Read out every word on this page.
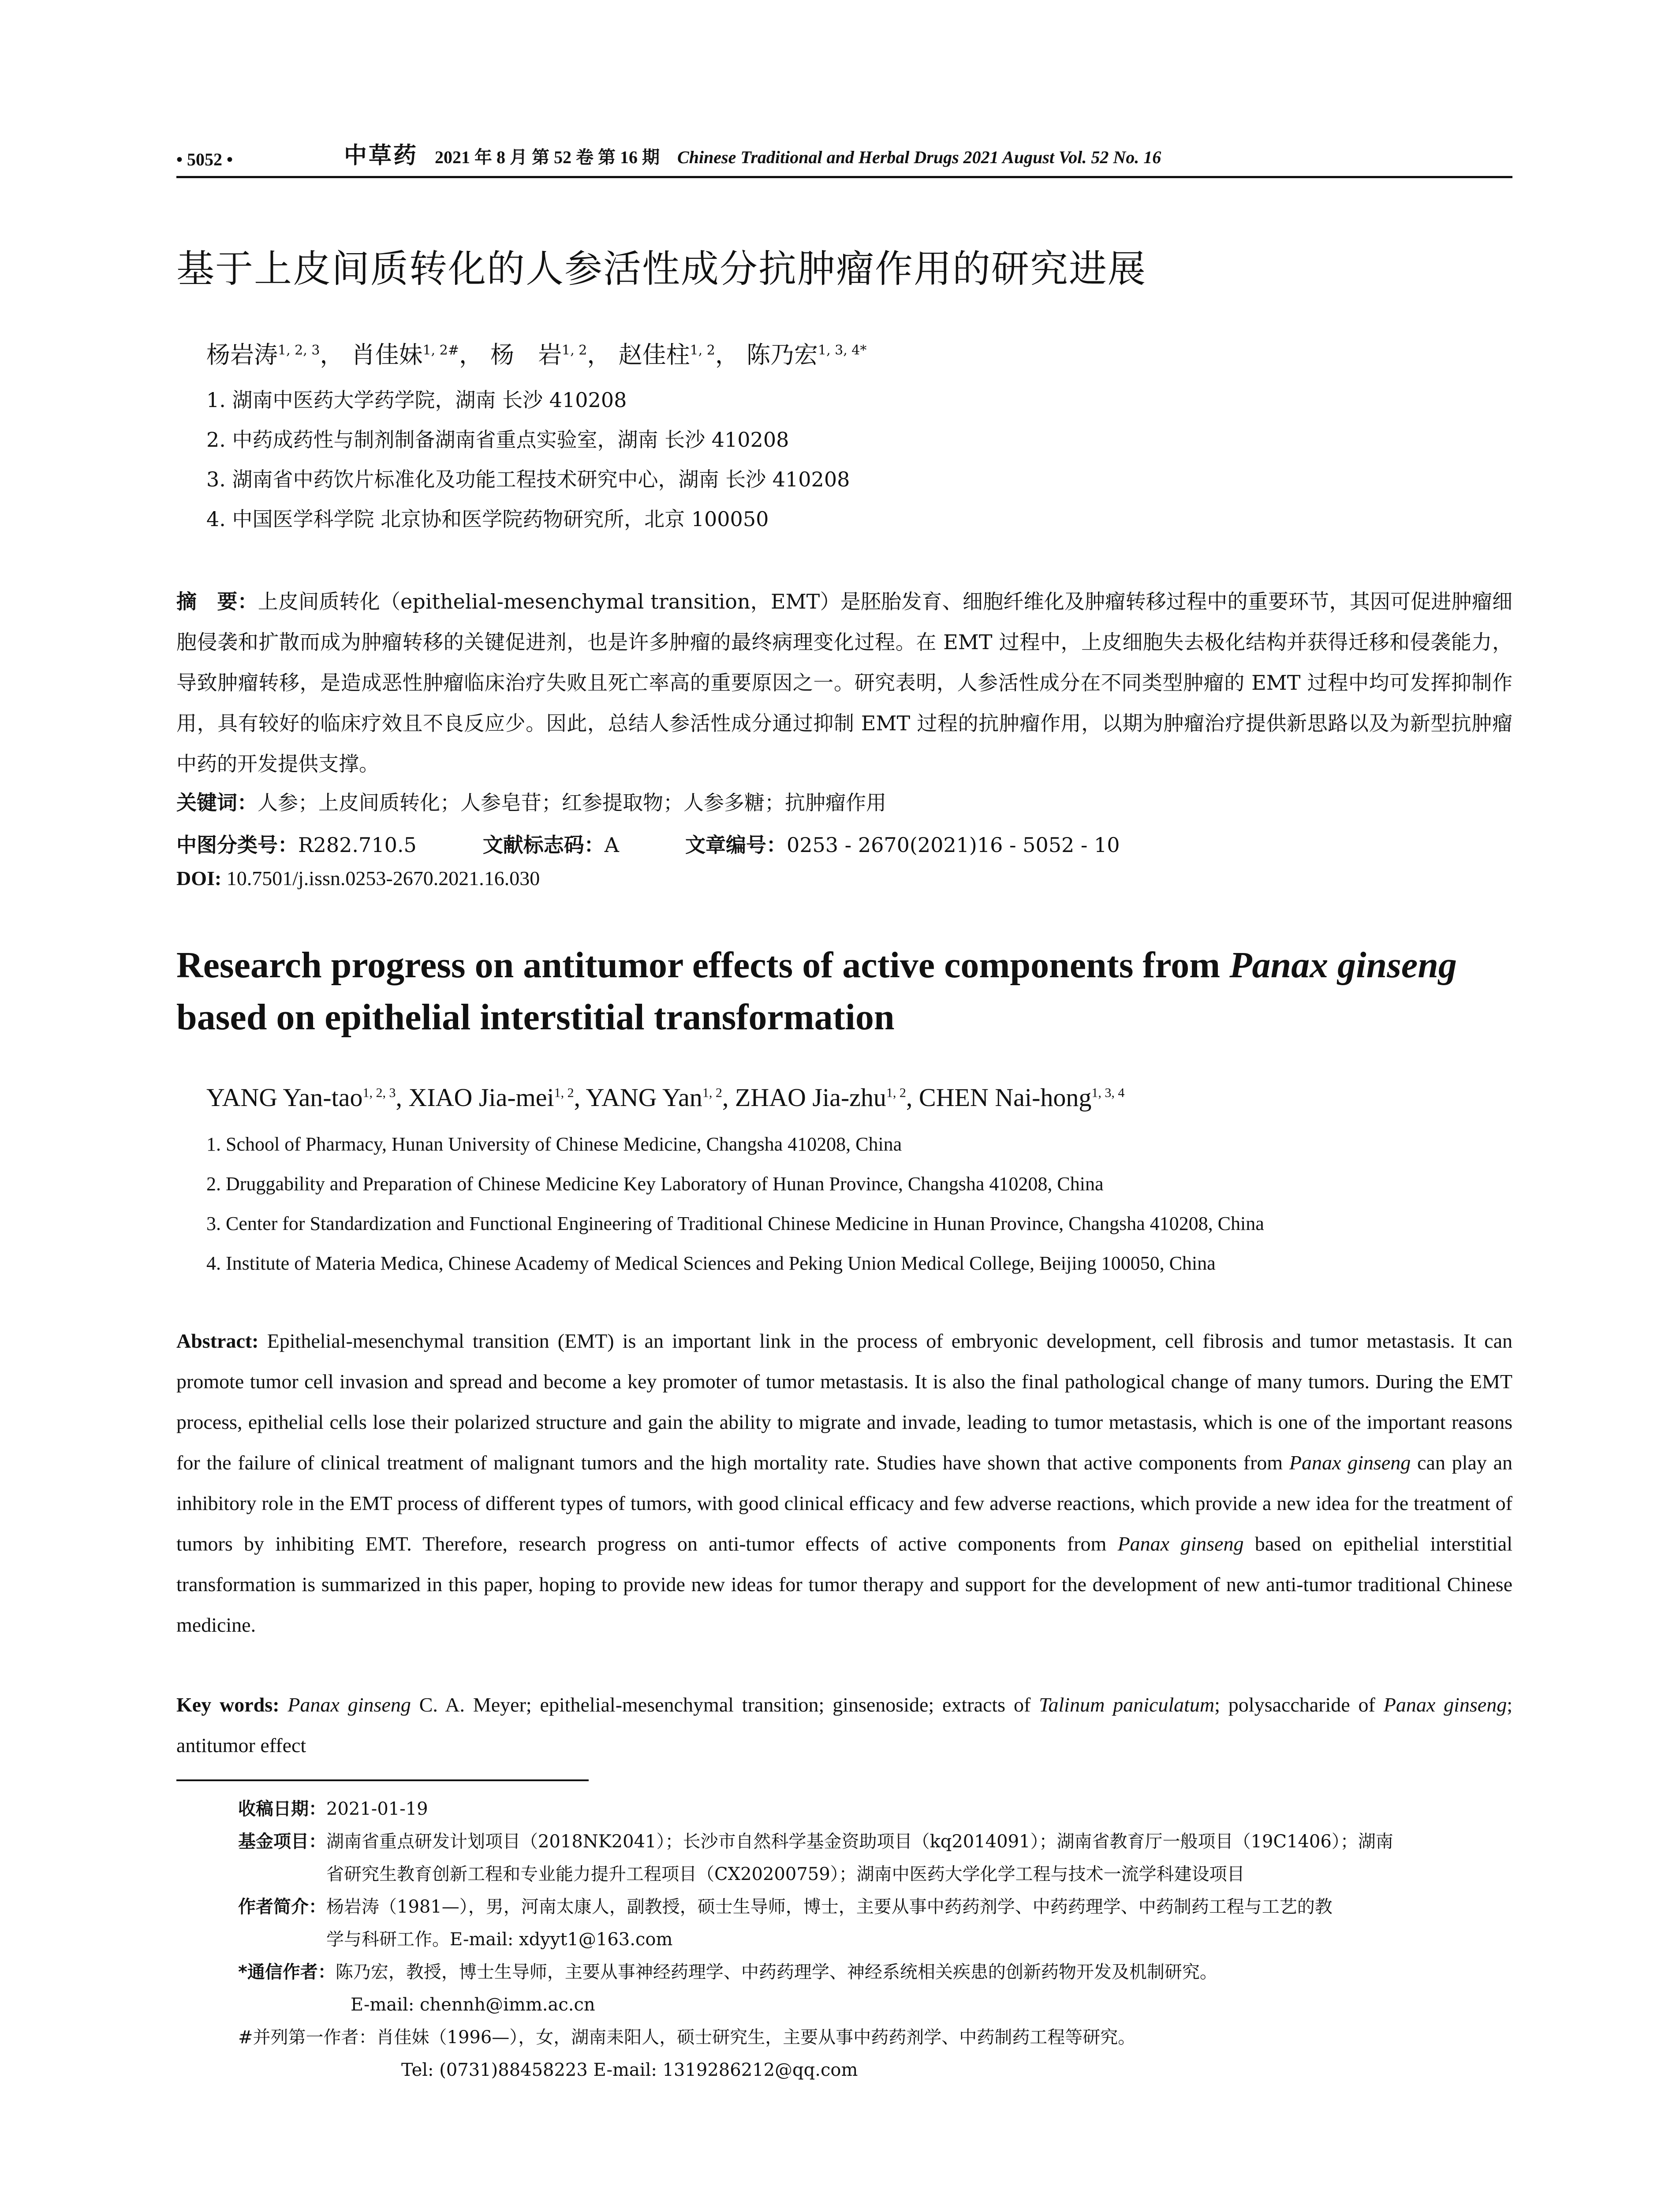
• 5052 •	中草药 2021 年 8 月 第 52 卷 第 16 期 Chinese Traditional and Herbal Drugs 2021 August Vol. 52 No. 16
基于上皮间质转化的人参活性成分抗肿瘤作用的研究进展
杨岩涛$^{1, 2, 3}$， 肖佳妹$^{1, 2\#}$， 杨　岩$^{1, 2}$， 赵佳柱$^{1, 2}$， 陈乃宏$^{1, 3, 4*}$
1. 湖南中医药大学药学院，湖南 长沙 410208
2. 中药成药性与制剂制备湖南省重点实验室，湖南 长沙 410208
3. 湖南省中药饮片标准化及功能工程技术研究中心，湖南 长沙 410208
4. 中国医学科学院 北京协和医学院药物研究所，北京 100050
摘　要：上皮间质转化（epithelial-mesenchymal transition，EMT）是胚胎发育、细胞纤维化及肿瘤转移过程中的重要环节，其因可促进肿瘤细胞侵袭和扩散而成为肿瘤转移的关键促进剂，也是许多肿瘤的最终病理变化过程。在 EMT 过程中，上皮细胞失去极化结构并获得迁移和侵袭能力，导致肿瘤转移，是造成恶性肿瘤临床治疗失败且死亡率高的重要原因之一。研究表明，人参活性成分在不同类型肿瘤的 EMT 过程中均可发挥抑制作用，具有较好的临床疗效且不良反应少。因此，总结人参活性成分通过抑制 EMT 过程的抗肿瘤作用，以期为肿瘤治疗提供新思路以及为新型抗肿瘤中药的开发提供支撑。
关键词：人参；上皮间质转化；人参皂苷；红参提取物；人参多糖；抗肿瘤作用
中图分类号：R282.710.5	文献标志码：A	文章编号：0253 - 2670(2021)16 - 5052 - 10
DOI: 10.7501/j.issn.0253-2670.2021.16.030
Research progress on antitumor effects of active components from Panax ginseng
based on epithelial interstitial transformation
YANG Yan-tao$^{1, 2, 3}$, XIAO Jia-mei$^{1, 2}$, YANG Yan$^{1, 2}$, ZHAO Jia-zhu$^{1, 2}$, CHEN Nai-hong$^{1, 3, 4}$
1. School of Pharmacy, Hunan University of Chinese Medicine, Changsha 410208, China
2. Druggability and Preparation of Chinese Medicine Key Laboratory of Hunan Province, Changsha 410208, China
3. Center for Standardization and Functional Engineering of Traditional Chinese Medicine in Hunan Province, Changsha 410208, China
4. Institute of Materia Medica, Chinese Academy of Medical Sciences and Peking Union Medical College, Beijing 100050, China
Abstract: Epithelial-mesenchymal transition (EMT) is an important link in the process of embryonic development, cell fibrosis and tumor metastasis. It can promote tumor cell invasion and spread and become a key promoter of tumor metastasis. It is also the final pathological change of many tumors. During the EMT process, epithelial cells lose their polarized structure and gain the ability to migrate and invade, leading to tumor metastasis, which is one of the important reasons for the failure of clinical treatment of malignant tumors and the high mortality rate. Studies have shown that active components from Panax ginseng can play an inhibitory role in the EMT process of different types of tumors, with good clinical efficacy and few adverse reactions, which provide a new idea for the treatment of tumors by inhibiting EMT. Therefore, research progress on anti-tumor effects of active components from Panax ginseng based on epithelial interstitial transformation is summarized in this paper, hoping to provide new ideas for tumor therapy and support for the development of new anti-tumor traditional Chinese medicine.
Key words: Panax ginseng C. A. Meyer; epithelial-mesenchymal transition; ginsenoside; extracts of Talinum paniculatum; polysaccharide of Panax ginseng; antitumor effect
收稿日期： 2021-01-19
基金项目： 湖南省重点研发计划项目（2018NK2041）；长沙市自然科学基金资助项目（kq2014091）；湖南省教育厅一般项目（19C1406）；湖南
省研究生教育创新工程和专业能力提升工程项目（CX20200759）；湖南中医药大学化学工程与技术一流学科建设项目
作者简介： 杨岩涛（1981—），男，河南太康人，副教授，硕士生导师，博士，主要从事中药药剂学、中药药理学、中药制药工程与工艺的教
学与科研工作。E-mail: xdyyt1@163.com
*通信作者： 陈乃宏，教授，博士生导师，主要从事神经药理学、中药药理学、神经系统相关疾患的创新药物开发及机制研究。
E-mail: chennh@imm.ac.cn
#并列第一作者： 肖佳妹（1996—），女，湖南耒阳人，硕士研究生，主要从事中药药剂学、中药制药工程等研究。
Tel: (0731)88458223 E-mail: 1319286212@qq.com
